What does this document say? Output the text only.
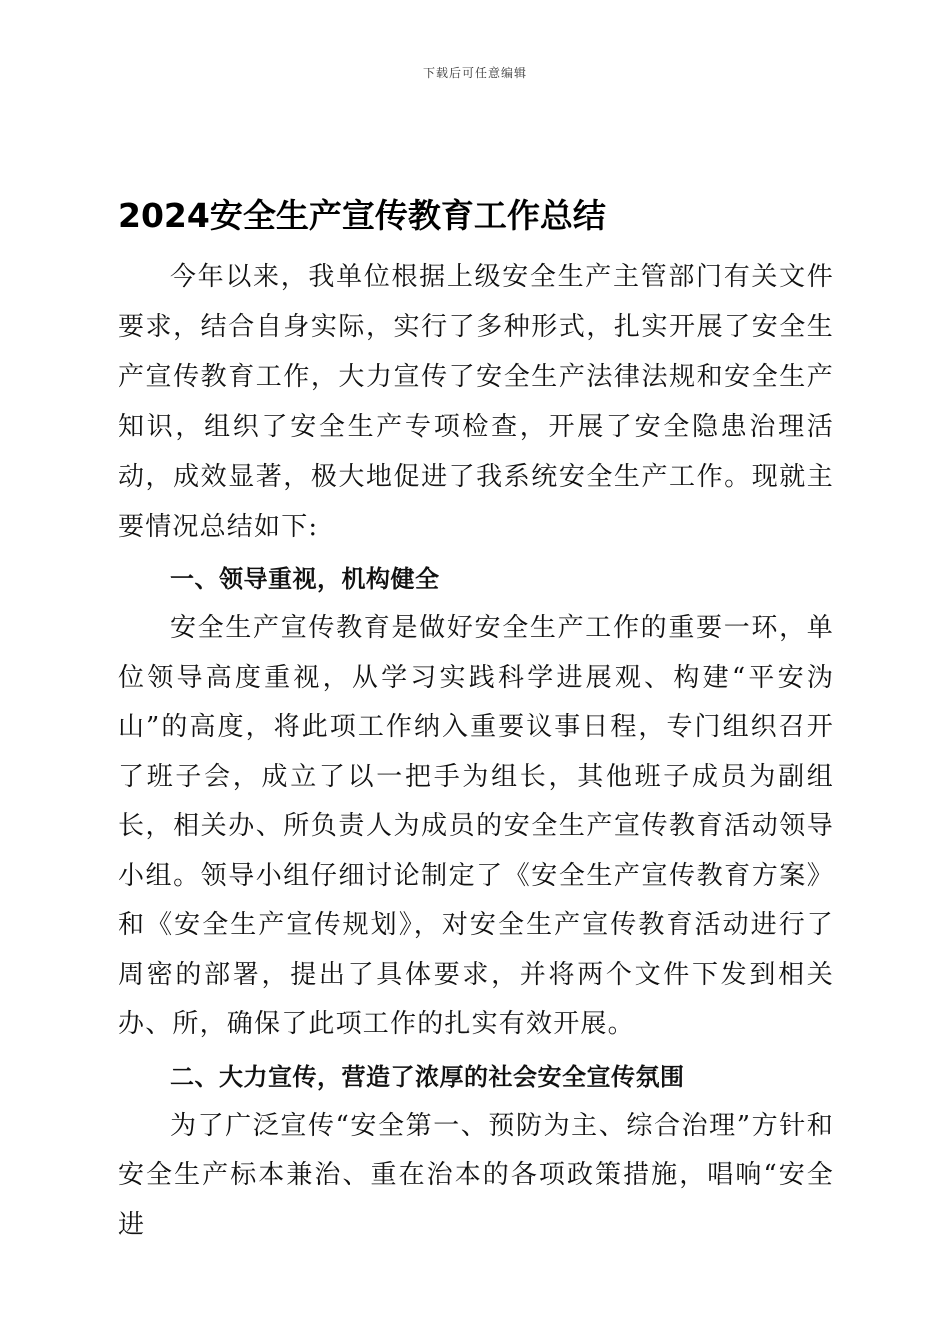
下载后可任意编辑
2024安全生产宣传教育工作总结

今年以来，我单位根据上级安全生产主管部门有关文件要求，结合自身实际，实行了多种形式，扎实开展了安全生产宣传教育工作，大力宣传了安全生产法律法规和安全生产知识，组织了安全生产专项检查，开展了安全隐患治理活动，成效显著，极大地促进了我系统安全生产工作。现就主要情况总结如下:

一、领导重视，机构健全

安全生产宣传教育是做好安全生产工作的重要一环，单位领导高度重视，从学习实践科学进展观、构建“平安沩山”的高度，将此项工作纳入重要议事日程，专门组织召开了班子会，成立了以一把手为组长，其他班子成员为副组长，相关办、所负责人为成员的安全生产宣传教育活动领导小组。领导小组仔细讨论制定了《安全生产宣传教育方案》和《安全生产宣传规划》，对安全生产宣传教育活动进行了周密的部署，提出了具体要求，并将两个文件下发到相关办、所，确保了此项工作的扎实有效开展。

二、大力宣传，营造了浓厚的社会安全宣传氛围

为了广泛宣传“安全第一、预防为主、综合治理”方针和安全生产标本兼治、重在治本的各项政策措施，唱响“安全进
